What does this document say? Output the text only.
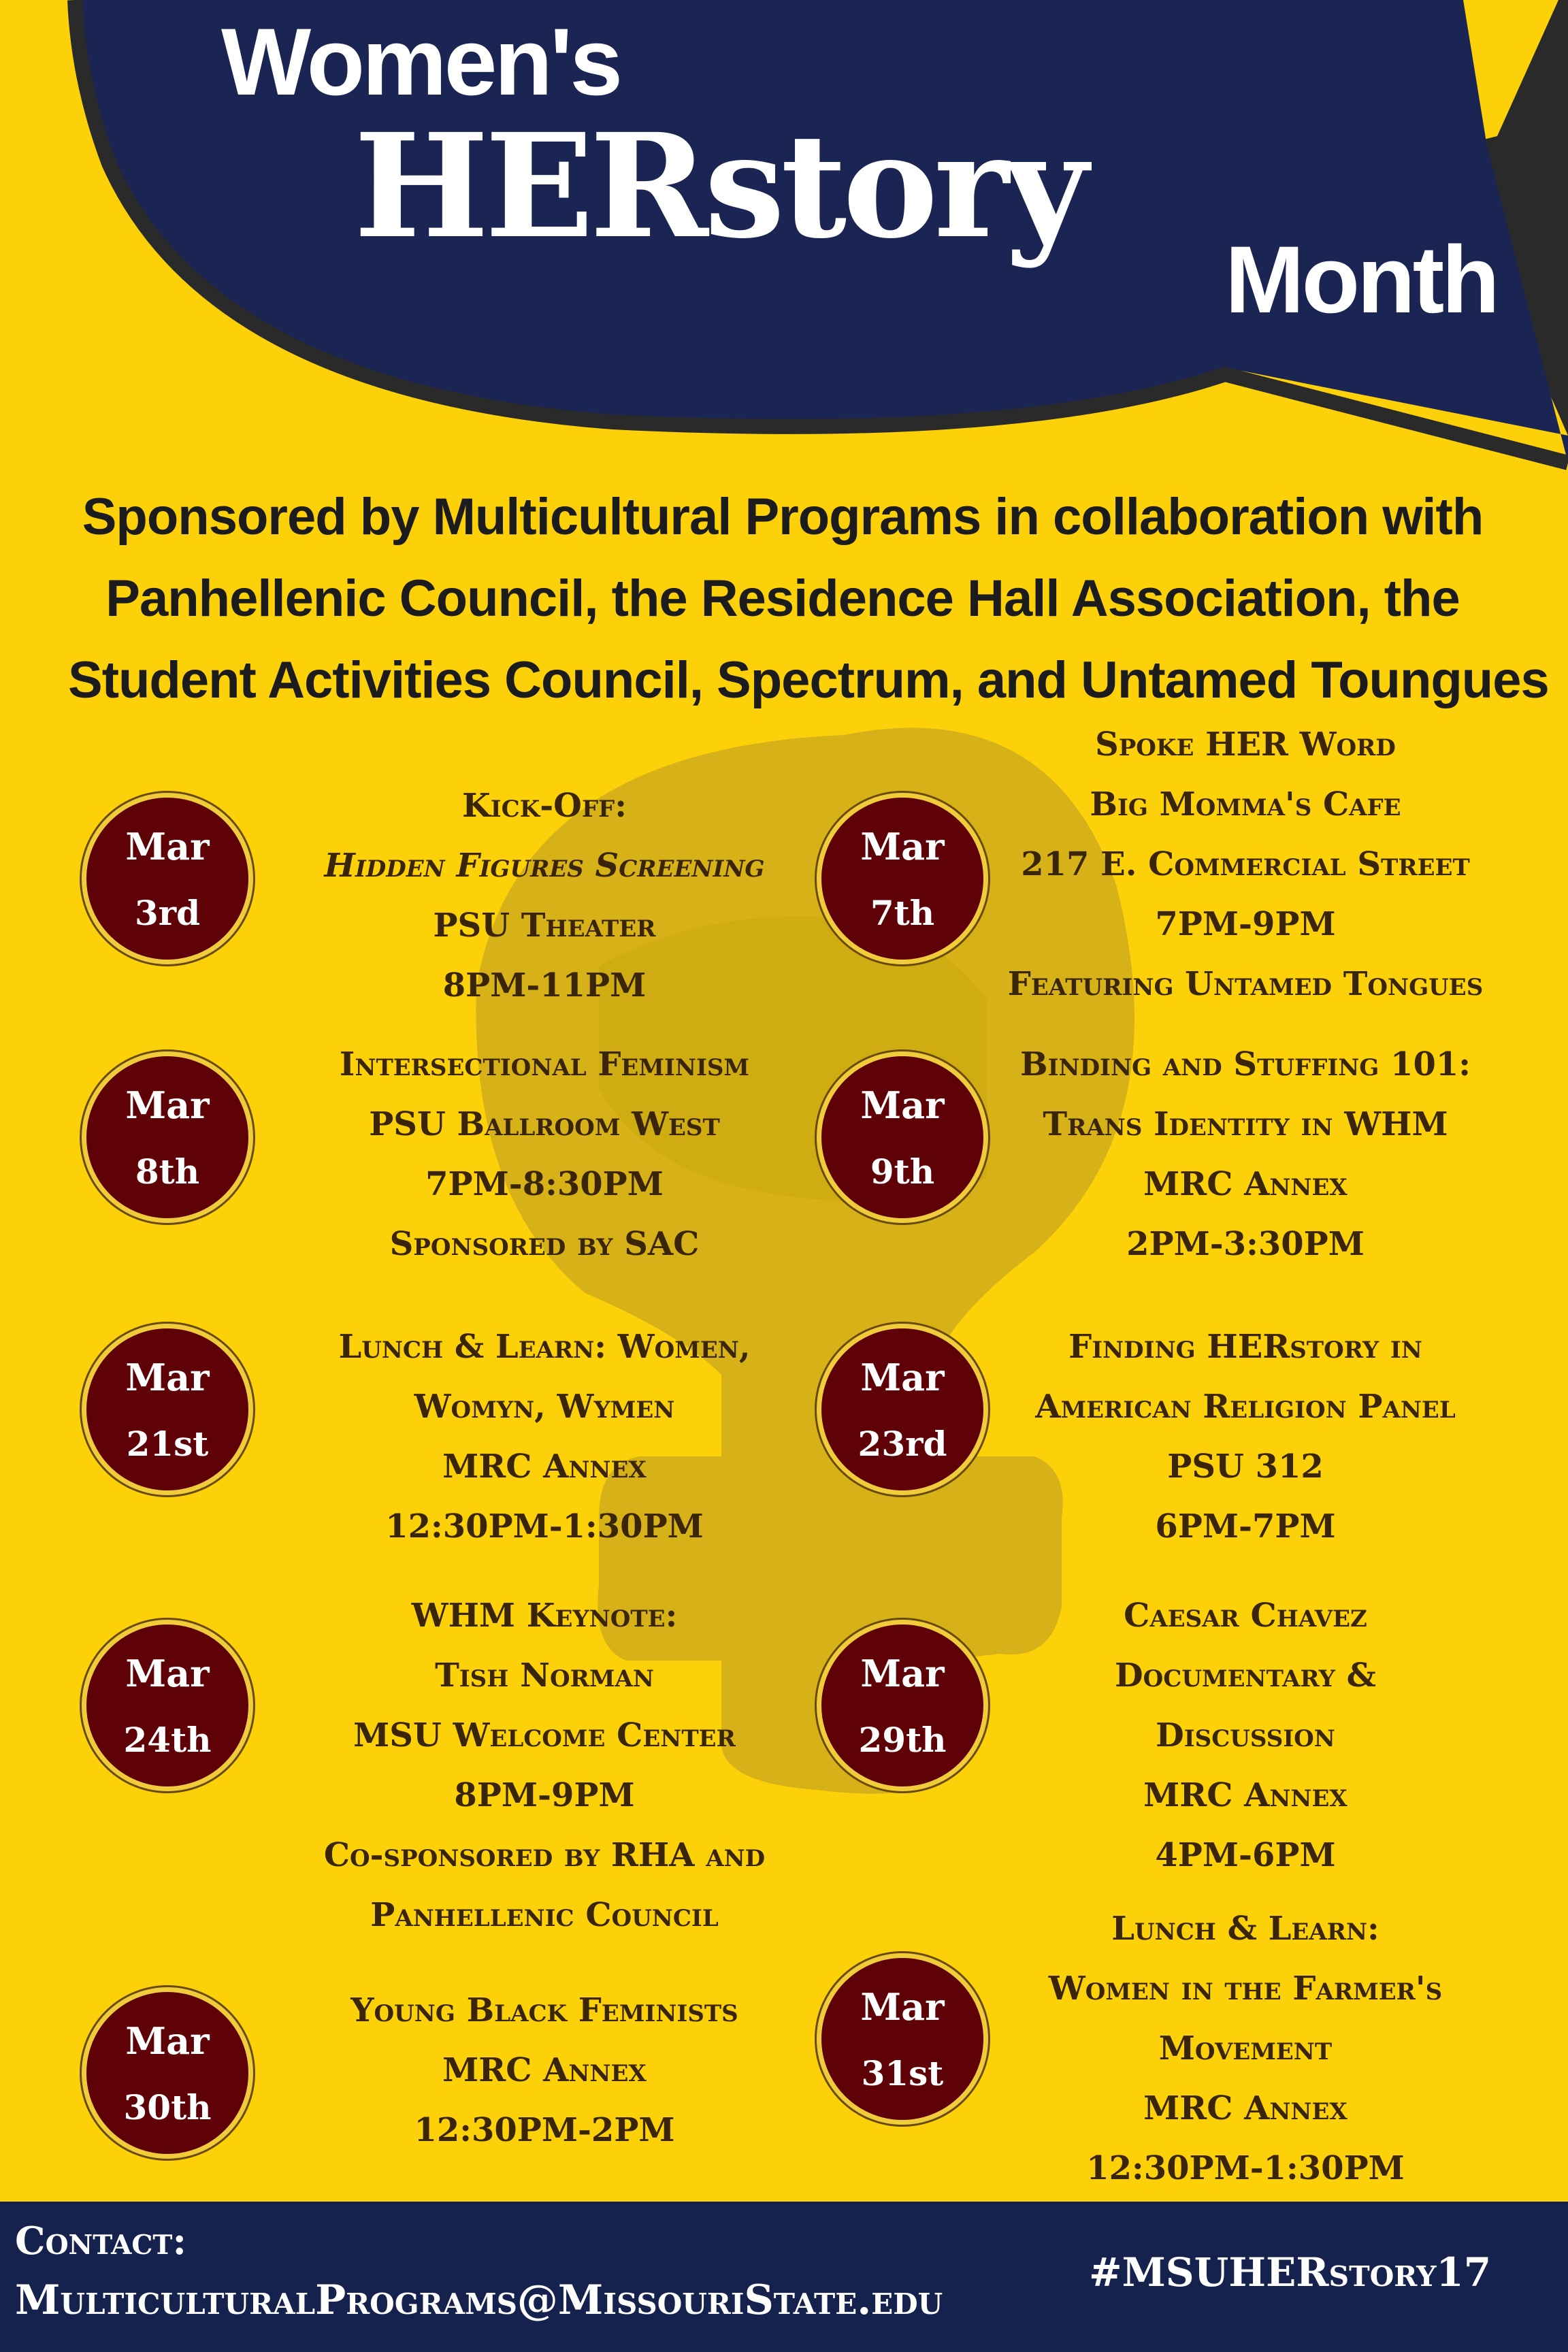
Women's
HERstory
Month
Sponsored by Multicultural Programs in collaboration with
Panhellenic Council, the Residence Hall Association, the
Student Activities Council, Spectrum, and Untamed Toungues
Mar
3rd
Kick-Off:
Hidden Figures Screening
PSU Theater
8PM-11PM
Mar
7th
Spoke HER Word
Big Momma's Cafe
217 E. Commercial Street
7PM-9PM
Featuring Untamed Tongues
Mar
8th
Intersectional Feminism
PSU Ballroom West
7PM-8:30PM
Sponsored by SAC
Mar
9th
Binding and Stuffing 101:
Trans Identity in WHM
MRC Annex
2PM-3:30PM
Mar
21st
Lunch & Learn: Women,
Womyn, Wymen
MRC Annex
12:30PM-1:30PM
Mar
23rd
Finding HERstory in
American Religion Panel
PSU 312
6PM-7PM
Mar
24th
WHM Keynote:
Tish Norman
MSU Welcome Center
8PM-9PM
Co-sponsored by RHA and
Panhellenic Council
Mar
29th
Caesar Chavez
Documentary &
Discussion
MRC Annex
4PM-6PM
Mar
30th
Young Black Feminists
MRC Annex
12:30PM-2PM
Mar
31st
Lunch & Learn:
Women in the Farmer's
Movement
MRC Annex
12:30PM-1:30PM
Contact:
MulticulturalPrograms@MissouriState.edu
#MSUHERstory17
